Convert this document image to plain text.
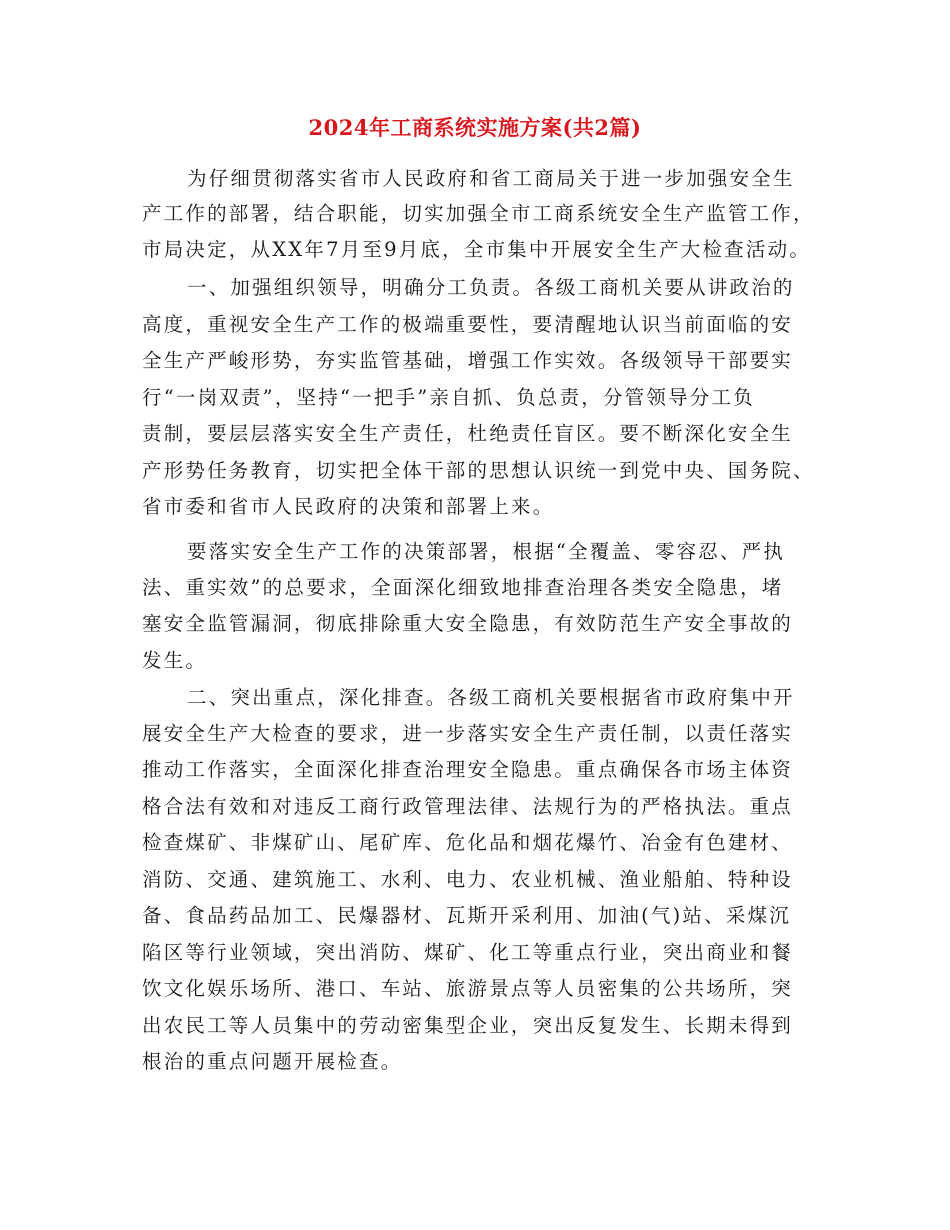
2024年工商系统实施方案(共2篇)
为仔细贯彻落实省市人民政府和省工商局关于进一步加强安全生
产工作的部署，结合职能，切实加强全市工商系统安全生产监管工作，
市局决定，从XX年7月至9月底，全市集中开展安全生产大检查活动。
一、加强组织领导，明确分工负责。各级工商机关要从讲政治的
高度，重视安全生产工作的极端重要性，要清醒地认识当前面临的安
全生产严峻形势，夯实监管基础，增强工作实效。各级领导干部要实
行“一岗双责”，坚持“一把手”亲自抓、负总责，分管领导分工负
责制，要层层落实安全生产责任，杜绝责任盲区。要不断深化安全生
产形势任务教育，切实把全体干部的思想认识统一到党中央、国务院、
省市委和省市人民政府的决策和部署上来。
要落实安全生产工作的决策部署，根据“全覆盖、零容忍、严执
法、重实效”的总要求，全面深化细致地排查治理各类安全隐患，堵
塞安全监管漏洞，彻底排除重大安全隐患，有效防范生产安全事故的
发生。
二、突出重点，深化排查。各级工商机关要根据省市政府集中开
展安全生产大检查的要求，进一步落实安全生产责任制，以责任落实
推动工作落实，全面深化排查治理安全隐患。重点确保各市场主体资
格合法有效和对违反工商行政管理法律、法规行为的严格执法。重点
检查煤矿、非煤矿山、尾矿库、危化品和烟花爆竹、冶金有色建材、
消防、交通、建筑施工、水利、电力、农业机械、渔业船舶、特种设
备、食品药品加工、民爆器材、瓦斯开采利用、加油(气)站、采煤沉
陷区等行业领域，突出消防、煤矿、化工等重点行业，突出商业和餐
饮文化娱乐场所、港口、车站、旅游景点等人员密集的公共场所，突
出农民工等人员集中的劳动密集型企业，突出反复发生、长期未得到
根治的重点问题开展检查。
